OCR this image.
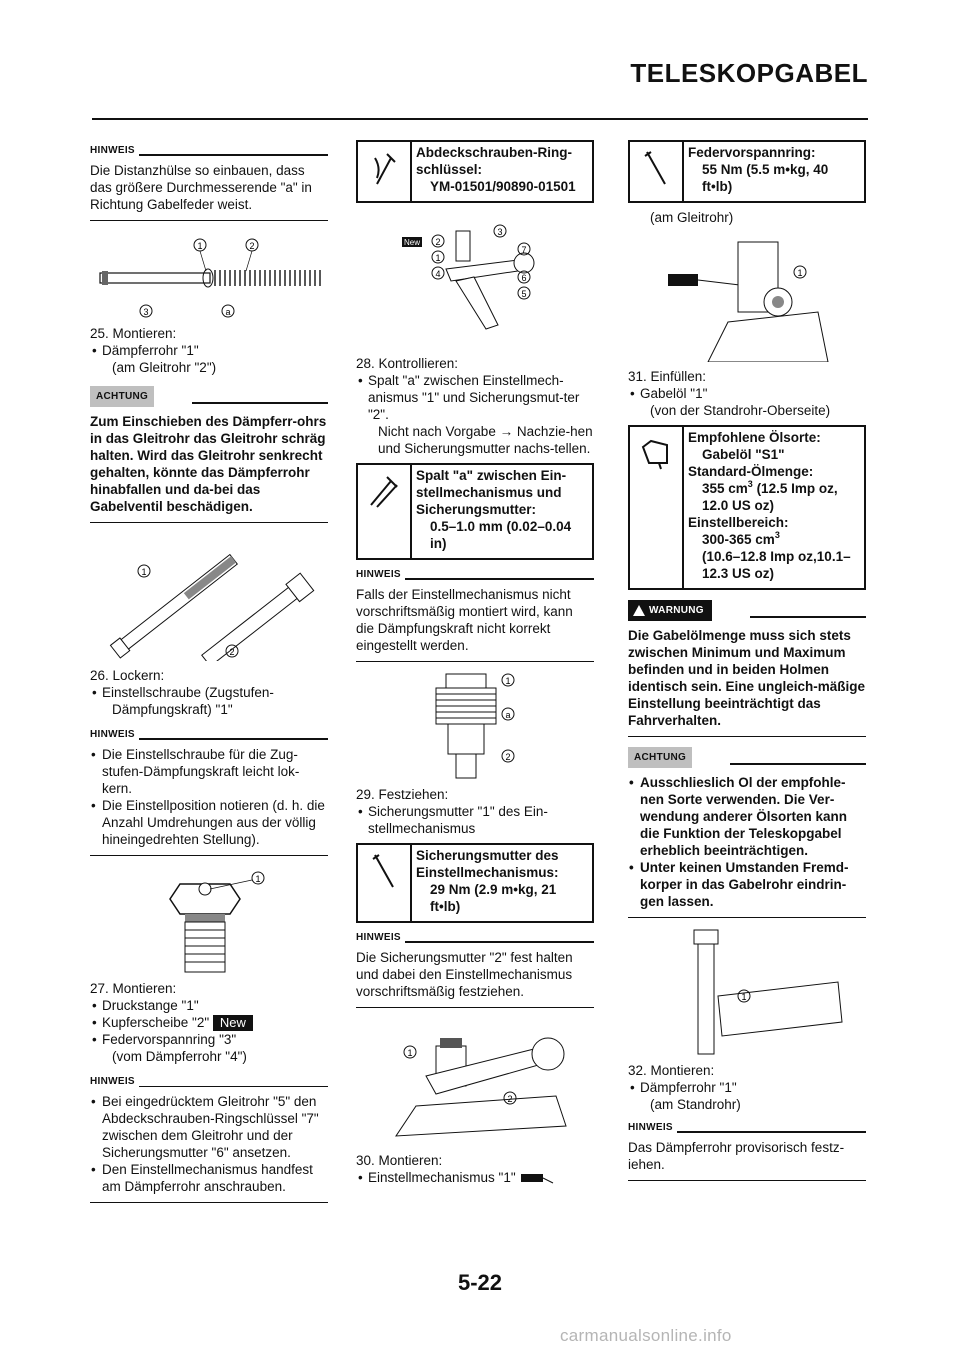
TELESKOPGABEL
HINWEIS
Die Distanzhülse so einbauen, dass das größere Durchmesserende "a" in Richtung Gabelfeder weist.
1	2
3	a
25. Montieren:
• Dämpferrohr "1"
(am Gleitrohr "2")
ACHTUNG
Zum Einschieben des Dämpferr-ohrs in das Gleitrohr das Gleitrohr schräg halten. Wird das Gleitrohr senkrecht gehalten, könnte das Dämpferrohr hinabfallen und da-bei das Gabelventil beschädigen.
1
2
26. Lockern:
• Einstellschraube (Zugstufen-
Dämpfungskraft) "1"
HINWEIS
• Die Einstellschraube für die Zug-stufen-Dämpfungskraft leicht lok-kern.
• Die Einstellposition notieren (d. h. die Anzahl Umdrehungen aus der völlig hineingedrehten Stellung).
1
27. Montieren:
• Druckstange "1"
• Kupferscheibe "2" New
• Federvorspannring "3"
(vom Dämpferrohr "4")
HINWEIS
• Bei eingedrücktem Gleitrohr "5" den Abdeckschrauben-Ringschlüssel "7" zwischen dem Gleitrohr und der Sicherungsmutter "6" ansetzen.
• Den Einstellmechanismus handfest am Dämpferrohr anschrauben.
Abdeckschrauben-Ring-schlüssel:
YM-01501/90890-01501
New 2
3
1
4
7
6
5
28. Kontrollieren:
• Spalt "a" zwischen Einstellmech-anismus "1" und Sicherungsmut-ter "2".
Nicht nach Vorgabe → Nachzie-hen und Sicherungsmutter nachs-tellen.
Spalt "a" zwischen Ein-stellmechanismus und Sicherungsmutter:
0.5–1.0 mm (0.02–0.04 in)
HINWEIS
Falls der Einstellmechanismus nicht vorschriftsmäßig montiert wird, kann die Dämpfungskraft nicht korrekt eingestellt werden.
1
a
2
29. Festziehen:
• Sicherungsmutter "1" des Ein-stellmechanismus
Sicherungsmutter des Einstellmechanismus:
29 Nm (2.9 m•kg, 21 ft•lb)
HINWEIS
Die Sicherungsmutter "2" fest halten und dabei den Einstellmechanismus vorschriftsmäßig festziehen.
1
2
30. Montieren:
• Einstellmechanismus "1"
Federvorspannring:
55 Nm (5.5 m•kg, 40 ft•lb)
(am Gleitrohr)
1
31. Einfüllen:
• Gabelöl "1"
(von der Standrohr-Oberseite)
Empfohlene Ölsorte:
Gabelöl "S1"
Standard-Ölmenge:
355 $cm^3$ (12.5 Imp oz, 12.0 US oz)
Einstellbereich:
300-365 $cm^3$
(10.6–12.8 Imp oz,10.1–12.3 US oz)
WARNUNG
Die Gabelölmenge muss sich stets zwischen Minimum und Maximum befinden und in beiden Holmen identisch sein. Eine ungleich-mäßige Einstellung beeinträchtigt das Fahrverhalten.
ACHTUNG
• Ausschlieslich Ol der empfohle-nen Sorte verwenden. Die Ver-wendung anderer Ölsorten kann die Funktion der Teleskopgabel erheblich beeinträchtigen.
• Unter keinen Umstanden Fremd-korper in das Gabelrohr eindrin-gen lassen.
1
32. Montieren:
• Dämpferrohr "1"
(am Standrohr)
HINWEIS
Das Dämpferrohr provisorisch festz-iehen.
5-22
carmanualsonline.info
